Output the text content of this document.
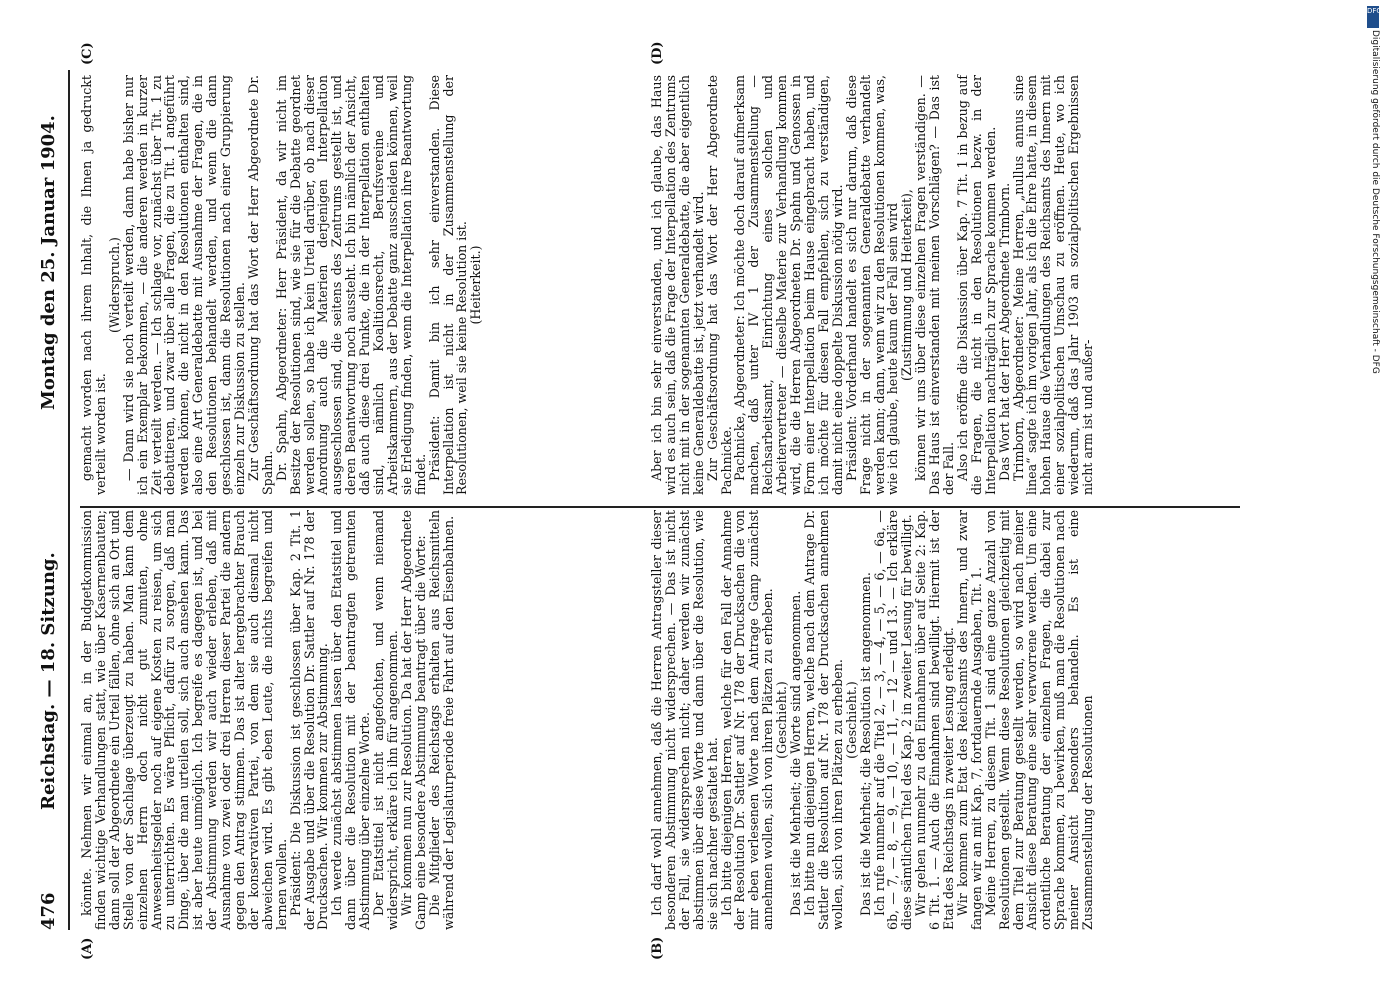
476
Reichstag. — 18. Sitzung.
Montag den 25. Januar 1904.
(A)	(B)
(C)	(D)

könnte. Nehmen wir einmal an, in der Budgetkommission finden wichtige Verhandlungen statt, wie über Kasernenbauten; dann soll der Abgeordnete ein Urteil fällen, ohne sich an Ort und Stelle von der Sachlage überzeugt zu haben. Man kann dem einzelnen Herrn doch nicht gut zumuten, ohne Anwesenheitsgelder noch auf eigene Kosten zu reisen, um sich zu unterrichten. Es wäre Pflicht, dafür zu sorgen, daß man Dinge, über die man urteilen soll, sich auch ansehen kann. Das ist aber heute unmöglich. Ich begreife es dagegen ist, und bei der Abstimmung werden wir auch wieder erleben, daß mit Ausnahme von zwei oder drei Herren dieser Partei die andern gegen den Antrag stimmen. Das ist alter hergebrachter Brauch der konservativen Partei, von dem sie auch diesmal nicht abweichen wird. Es gibt eben Leute, die nichts begreifen und lernen wollen.

Präsident: Die Diskussion ist geschlossen über Kap. 2 Tit. 1 der Ausgabe und über die Resolution Dr. Sattler auf Nr. 178 der Drucksachen. Wir kommen zur Abstimmung.

Ich werde zunächst abstimmen lassen über den Etatstitel und dann über die Resolution mit der beantragten getrennten Abstimmung über einzelne Worte.

Der Etatstitel ist nicht angefochten, und wenn niemand widerspricht, erkläre ich ihn für angenommen.

Wir kommen nun zur Resolution. Da hat der Herr Abgeordnete Gamp eine besondere Abstimmung beantragt über die Worte:

Die Mitglieder des Reichstags erhalten aus Reichsmitteln während der Legislaturperiode freie Fahrt auf den Eisenbahnen.	Ich darf wohl annehmen, daß die Herren Antragsteller dieser besonderen Abstimmung nicht widersprechen. — Das ist nicht der Fall, sie widersprechen nicht; daher werden wir zunächst abstimmen über diese Worte und dann über die Resolution, wie sie sich nachher gestaltet hat.

Ich bitte diejenigen Herren, welche für den Fall der Annahme der Resolution Dr. Sattler auf Nr. 178 der Drucksachen die von mir eben verlesenen Worte nach dem Antrage Gamp zunächst annehmen wollen, sich von ihren Plätzen zu erheben.

(Geschieht.)

Das ist die Mehrheit; die Worte sind angenommen.

Ich bitte nun diejenigen Herren, welche nach dem Antrage Dr. Sattler die Resolution auf Nr. 178 der Drucksachen annehmen wollen, sich von ihren Plätzen zu erheben.

(Geschieht.)

Das ist die Mehrheit; die Resolution ist angenommen.

Ich rufe nunmehr auf die Titel 2, — 3, — 4, — 5, — 6, — 6a, — 6b, — 7, — 8, — 9, — 10, — 11, — 12 — und 13. — Ich erkläre diese sämtlichen Titel des Kap. 2 in zweiter Lesung für bewilligt.

Wir gehen nunmehr zu den Einnahmen über auf Seite 2: Kap. 6 Tit. 1. — Auch die Einnahmen sind bewilligt. Hiermit ist der Etat des Reichstags in zweiter Lesung erledigt.

Wir kommen zum Etat des Reichsamts des Innern, und zwar fangen wir an mit Kap. 7, fortdauernde Ausgaben, Tit. 1.

Meine Herren, zu diesem Tit. 1 sind eine ganze Anzahl von Resolutionen gestellt. Wenn diese Resolutionen gleichzeitig mit dem Titel zur Beratung gestellt werden, so wird nach meiner Ansicht diese Beratung eine sehr verworrene werden. Um eine ordentliche Beratung der einzelnen Fragen, die dabei zur Sprache kommen, zu bewirken, muß man die Resolutionen nach meiner Ansicht besonders behandeln. Es ist eine Zusammenstellung der Resolutionen

gemacht worden nach ihrem Inhalt, die Ihnen ja gedruckt verteilt worden ist.

(Widerspruch.)

— Dann wird sie noch verteilt werden, dann habe bisher nur ich ein Exemplar bekommen, — die anderen werden in kurzer Zeit verteilt werden. — Ich schlage vor, zunächst über Tit. 1 zu debattieren, und zwar über alle Fragen, die zu Tit. 1 angeführt werden können, die nicht in den Resolutionen enthalten sind, also eine Art Generaldebatte mit Ausnahme der Fragen, die in den Resolutionen behandelt werden, und wenn die dann geschlossen ist, dann die Resolutionen nach einer Gruppierung einzeln zur Diskussion zu stellen.

Zur Geschäftsordnung hat das Wort der Herr Abgeordnete Dr. Spahn.

Dr. Spahn, Abgeordneter: Herr Präsident, da wir nicht im Besitze der Resolutionen sind, wie sie für die Debatte geordnet werden sollen, so habe ich kein Urteil darüber, ob nach dieser Anordnung auch die Materien derjenigen Interpellation ausgeschlossen sind, die seitens des Zentrums gestellt ist, und deren Beantwortung noch aussteht. Ich bin nämlich der Ansicht, daß auch diese drei Punkte, die in der Interpellation enthalten sind, nämlich Koalitionsrecht, Berufsvereine und Arbeitskammern, aus der Debatte ganz ausscheiden können, weil sie Erledigung finden, wenn die Interpellation ihre Beantwortung findet.

Präsident: Damit bin ich sehr einverstanden. Diese Interpellation ist nicht in der Zusammenstellung der Resolutionen, weil sie keine Resolution ist.

(Heiterkeit.)	Aber ich bin sehr einverstanden, und ich glaube, das Haus wird es auch sein, daß die Frage der Interpellation des Zentrums nicht mit in der sogenannten Generaldebatte, die aber eigentlich keine Generaldebatte ist, jetzt verhandelt wird.

Zur Geschäftsordnung hat das Wort der Herr Abgeordnete Pachnicke.

Pachnicke, Abgeordneter: Ich möchte doch darauf aufmerksam machen, daß unter IV 1 der Zusammenstellung — Reichsarbeitsamt, Einrichtung eines solchen und Arbeitervertreter — dieselbe Materie zur Verhandlung kommen wird, die die Herren Abgeordneten Dr. Spahn und Genossen in Form einer Interpellation beim Hause eingebracht haben, und ich möchte für diesen Fall empfehlen, sich zu verständigen, damit nicht eine doppelte Diskussion nötig wird.

Präsident: Vorderhand handelt es sich nur darum, daß diese Frage nicht in der sogenannten Generaldebatte verhandelt werden kann; dann, wenn wir zu den Resolutionen kommen, was, wie ich glaube, heute kaum der Fall sein wird

(Zustimmung und Heiterkeit),

können wir uns über diese einzelnen Fragen verständigen. — Das Haus ist einverstanden mit meinen Vorschlägen? — Das ist der Fall.

Also ich eröffne die Diskussion über Kap. 7 Tit. 1 in bezug auf die Fragen, die nicht in den Resolutionen bezw. in der Interpellation nachträglich zur Sprache kommen werden.

Das Wort hat der Herr Abgeordnete Trimborn.

Trimborn, Abgeordneter: Meine Herren, „nullus annus sine linea“ sagte ich im vorigen Jahr, als ich die Ehre hatte, in diesem hohen Hause die Verhandlungen des Reichsamts des Innern mit einer sozialpolitischen Umschau zu eröffnen. Heute, wo ich wiederum, daß das Jahr 1903 an sozialpolitischen Ergebnissen nicht arm ist und außer-

DFG
Digitalisierung gefördert durch die Deutsche Forschungsgemeinschaft - DFG
